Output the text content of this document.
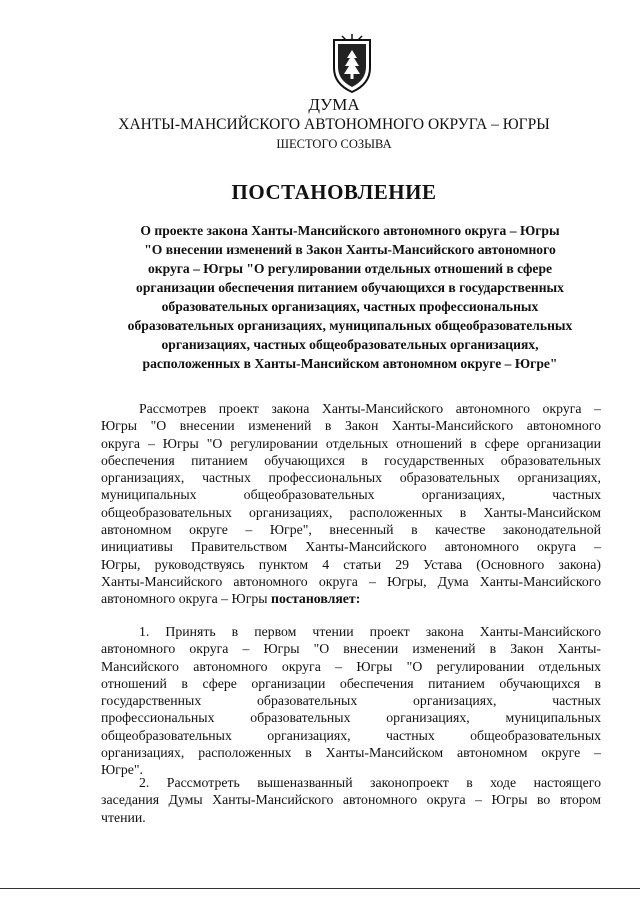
ДУМА

ХАНТЫ-МАНСИЙСКОГО АВТОНОМНОГО ОКРУГА – ЮГРЫ

ШЕСТОГО СОЗЫВА

ПОСТАНОВЛЕНИЕ
О проекте закона Ханты-Мансийского автономного округа – Югры
"О внесении изменений в Закон Ханты-Мансийского автономного
округа – Югры "О регулировании отдельных отношений в сфере
организации обеспечения питанием обучающихся в государственных
образовательных организациях, частных профессиональных
образовательных организациях, муниципальных общеобразовательных
организациях, частных общеобразовательных организациях,
расположенных в Ханты-Мансийском автономном округе – Югре"
Рассмотрев проект закона Ханты-Мансийского автономного округа –
Югры "О внесении изменений в Закон Ханты-Мансийского автономного
округа – Югры "О регулировании отдельных отношений в сфере организации
обеспечения питанием обучающихся в государственных образовательных
организациях, частных профессиональных образовательных организациях,
муниципальных общеобразовательных организациях, частных
общеобразовательных организациях, расположенных в Ханты-Мансийском
автономном округе – Югре", внесенный в качестве законодательной
инициативы Правительством Ханты-Мансийского автономного округа –
Югры, руководствуясь пунктом 4 статьи 29 Устава (Основного закона)
Ханты-Мансийского автономного округа – Югры, Дума Ханты-Мансийского
автономного округа – Югры постановляет:
1. Принять в первом чтении проект закона Ханты-Мансийского
автономного округа – Югры "О внесении изменений в Закон Ханты-
Мансийского автономного округа – Югры "О регулировании отдельных
отношений в сфере организации обеспечения питанием обучающихся в
государственных образовательных организациях, частных
профессиональных образовательных организациях, муниципальных
общеобразовательных организациях, частных общеобразовательных
организациях, расположенных в Ханты-Мансийском автономном округе –
Югре".
2. Рассмотреть вышеназванный законопроект в ходе настоящего
заседания Думы Ханты-Мансийского автономного округа – Югры во втором
чтении.
